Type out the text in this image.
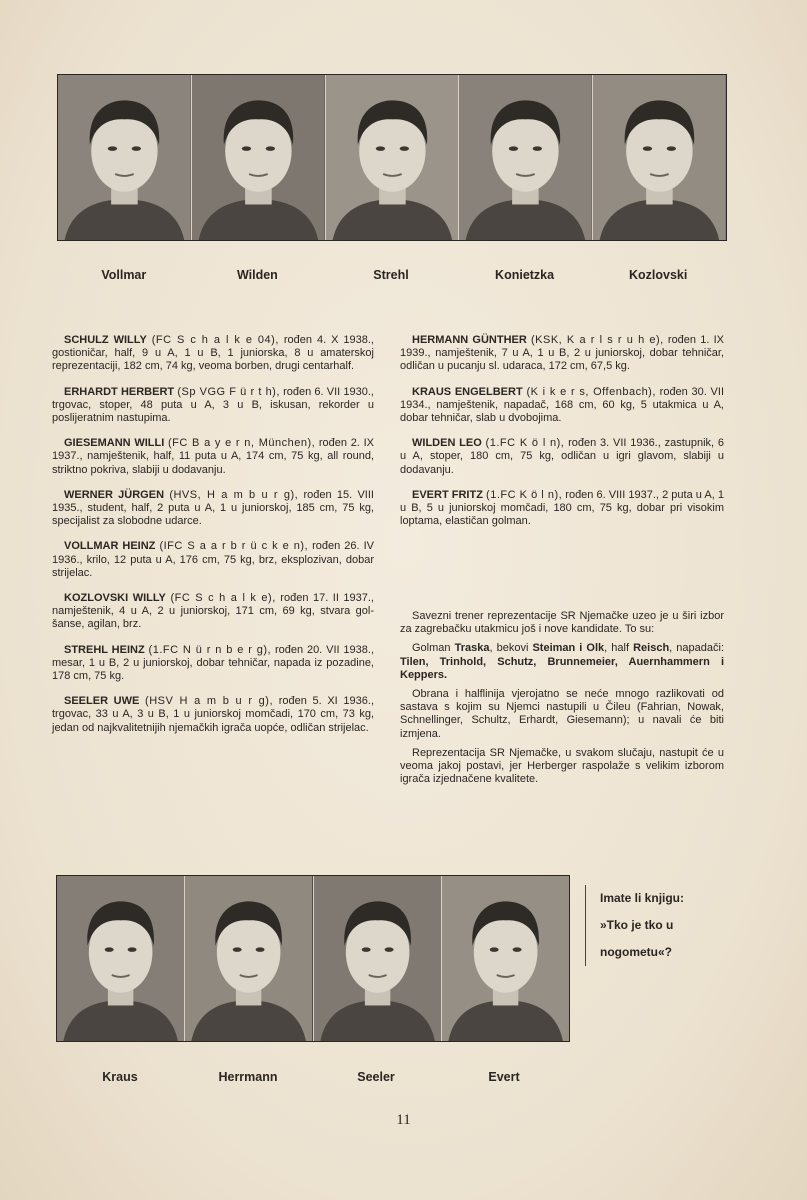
Vollmar	Wilden	Strehl	Konietzka	Kozlovski
SCHULZ WILLY (FC S c h a l k e 04), rođen 4. X 1938., gostioničar, half, 9 u A, 1 u B, 1 juniorska, 8 u amaterskoj reprezentaciji, 182 cm, 74 kg, veoma borben, drugi centarhalf.
ERHARDT HERBERT (Sp VGG F ü r t h), rođen 6. VII 1930., trgovac, stoper, 48 puta u A, 3 u B, iskusan, rekorder u poslijeratnim nastupima.
GIESEMANN WILLI (FC B a y e r n, München), rođen 2. IX 1937., namještenik, half, 11 puta u A, 174 cm, 75 kg, all round, striktno pokriva, slabiji u dodavanju.
WERNER JÜRGEN (HVS, H a m b u r g), rođen 15. VIII 1935., student, half, 2 puta u A, 1 u juniorskoj, 185 cm, 75 kg, specijalist za slobodne udarce.
VOLLMAR HEINZ (IFC S a a r b r ü c k e n), rođen 26. IV 1936., krilo, 12 puta u A, 176 cm, 75 kg, brz, eksplozivan, dobar strijelac.
KOZLOVSKI WILLY (FC S c h a l k e), rođen 17. II 1937., namještenik, 4 u A, 2 u juniorskoj, 171 cm, 69 kg, stvara gol-šanse, agilan, brz.
STREHL HEINZ (1.FC N ü r n b e r g), rođen 20. VII 1938., mesar, 1 u B, 2 u juniorskoj, dobar tehničar, napada iz pozadine, 178 cm, 75 kg.
SEELER UWE (HSV H a m b u r g), rođen 5. XI 1936., trgovac, 33 u A, 3 u B, 1 u juniorskoj momčadi, 170 cm, 73 kg, jedan od najkvalitetnijih njemačkih igrača uopće, odličan strijelac.
HERMANN GÜNTHER (KSK, K a r l s r u h e), rođen 1. IX 1939., namještenik, 7 u A, 1 u B, 2 u juniorskoj, dobar tehničar, odličan u pucanju sl. udaraca, 172 cm, 67,5 kg.
KRAUS ENGELBERT (K i k e r s, Offenbach), rođen 30. VII 1934., namještenik, napadač, 168 cm, 60 kg, 5 utakmica u A, dobar tehničar, slab u dvobojima.
WILDEN LEO (1.FC K ö l n), rođen 3. VII 1936., zastupnik, 6 u A, stoper, 180 cm, 75 kg, odličan u igri glavom, slabiji u dodavanju.
EVERT FRITZ (1.FC K ö l n), rođen 6. VIII 1937., 2 puta u A, 1 u B, 5 u juniorskoj momčadi, 180 cm, 75 kg, dobar pri visokim loptama, elastičan golman.

Savezni trener reprezentacije SR Njemačke uzeo je u širi izbor za zagrebačku utakmicu još i nove kandidate. To su:

Golman Traska, bekovi Steiman i Olk, half Reisch, napadači: Tilen, Trinhold, Schutz, Brunnemeier, Auernhammern i Keppers.

Obrana i halflinija vjerojatno se neće mnogo razlikovati od sastava s kojim su Njemci nastupili u Čileu (Fahrian, Nowak, Schnellinger, Schultz, Erhardt, Giesemann); u navali će biti izmjena.

Reprezentacija SR Njemačke, u svakom slučaju, nastupit će u veoma jakoj postavi, jer Herberger raspolaže s velikim izborom igrača izjednačene kvalitete.

Kraus	Herrmann	Seeler	Evert
Imate li knjigu:
»Tko je tko u
nogometu«?
11
